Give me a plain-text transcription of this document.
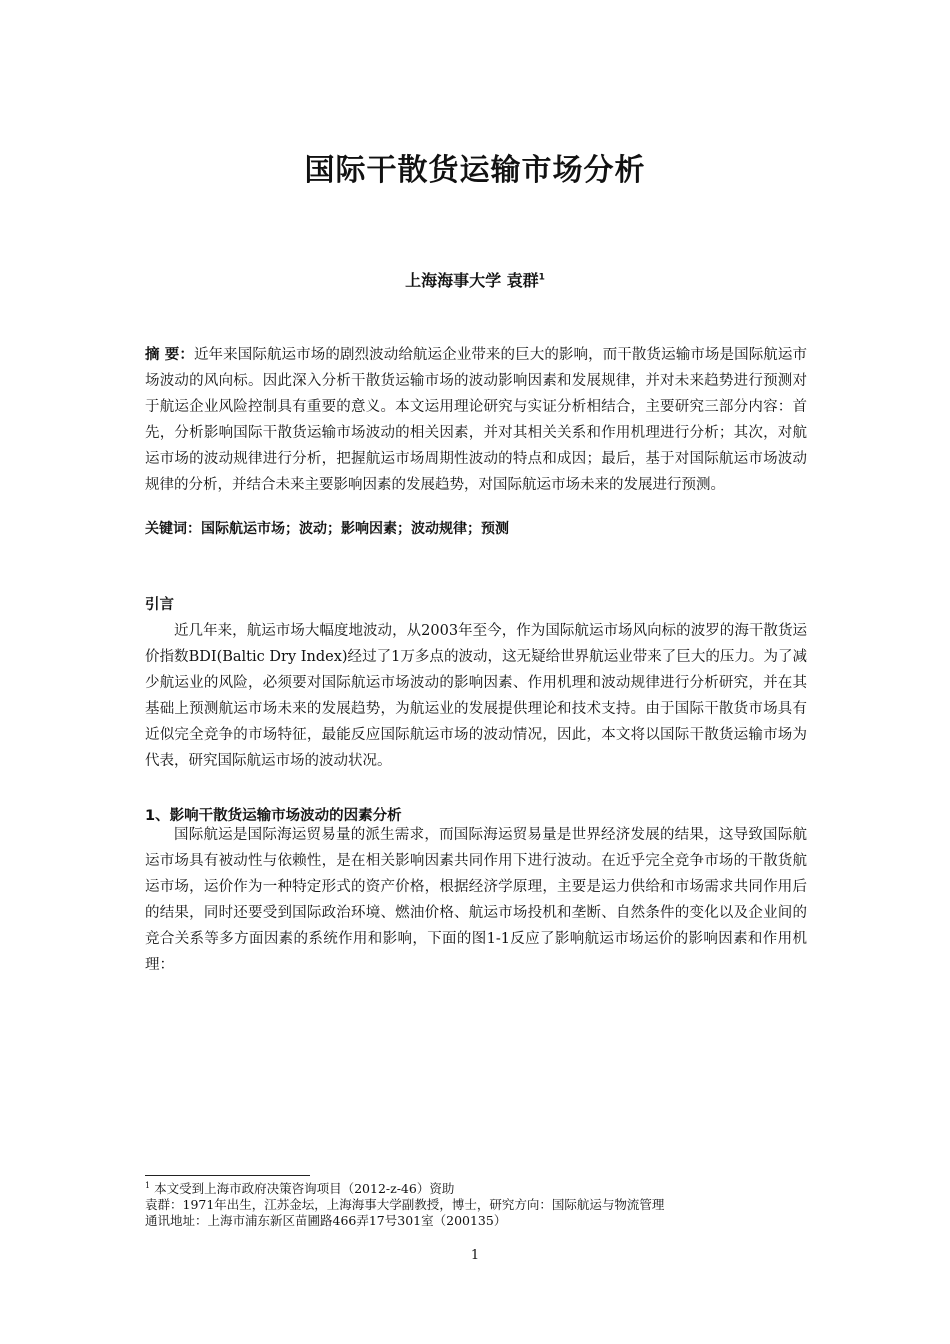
国际干散货运输市场分析
上海海事大学 袁群$^1$
摘 要：近年来国际航运市场的剧烈波动给航运企业带来的巨大的影响，而干散货运输市场是国际航运市场波动的风向标。因此深入分析干散货运输市场的波动影响因素和发展规律，并对未来趋势进行预测对于航运企业风险控制具有重要的意义。本文运用理论研究与实证分析相结合，主要研究三部分内容：首先，分析影响国际干散货运输市场波动的相关因素，并对其相关关系和作用机理进行分析；其次，对航运市场的波动规律进行分析，把握航运市场周期性波动的特点和成因；最后，基于对国际航运市场波动规律的分析，并结合未来主要影响因素的发展趋势，对国际航运市场未来的发展进行预测。
关键词：国际航运市场；波动；影响因素；波动规律；预测
引言
近几年来，航运市场大幅度地波动，从2003年至今，作为国际航运市场风向标的波罗的海干散货运价指数BDI(Baltic Dry Index)经过了1万多点的波动，这无疑给世界航运业带来了巨大的压力。为了减少航运业的风险，必须要对国际航运市场波动的影响因素、作用机理和波动规律进行分析研究，并在其基础上预测航运市场未来的发展趋势，为航运业的发展提供理论和技术支持。由于国际干散货市场具有近似完全竞争的市场特征，最能反应国际航运市场的波动情况，因此，本文将以国际干散货运输市场为代表，研究国际航运市场的波动状况。
1、影响干散货运输市场波动的因素分析
国际航运是国际海运贸易量的派生需求，而国际海运贸易量是世界经济发展的结果，这导致国际航运市场具有被动性与依赖性，是在相关影响因素共同作用下进行波动。在近乎完全竞争市场的干散货航运市场，运价作为一种特定形式的资产价格，根据经济学原理，主要是运力供给和市场需求共同作用后的结果，同时还要受到国际政治环境、燃油价格、航运市场投机和垄断、自然条件的变化以及企业间的竞合关系等多方面因素的系统作用和影响，下面的图1-1反应了影响航运市场运价的影响因素和作用机理：
$^1$ 本文受到上海市政府决策咨询项目（2012-z-46）资助
袁群：1971年出生，江苏金坛，上海海事大学副教授，博士，研究方向：国际航运与物流管理
通讯地址：上海市浦东新区苗圃路466弄17号301室（200135）
1
